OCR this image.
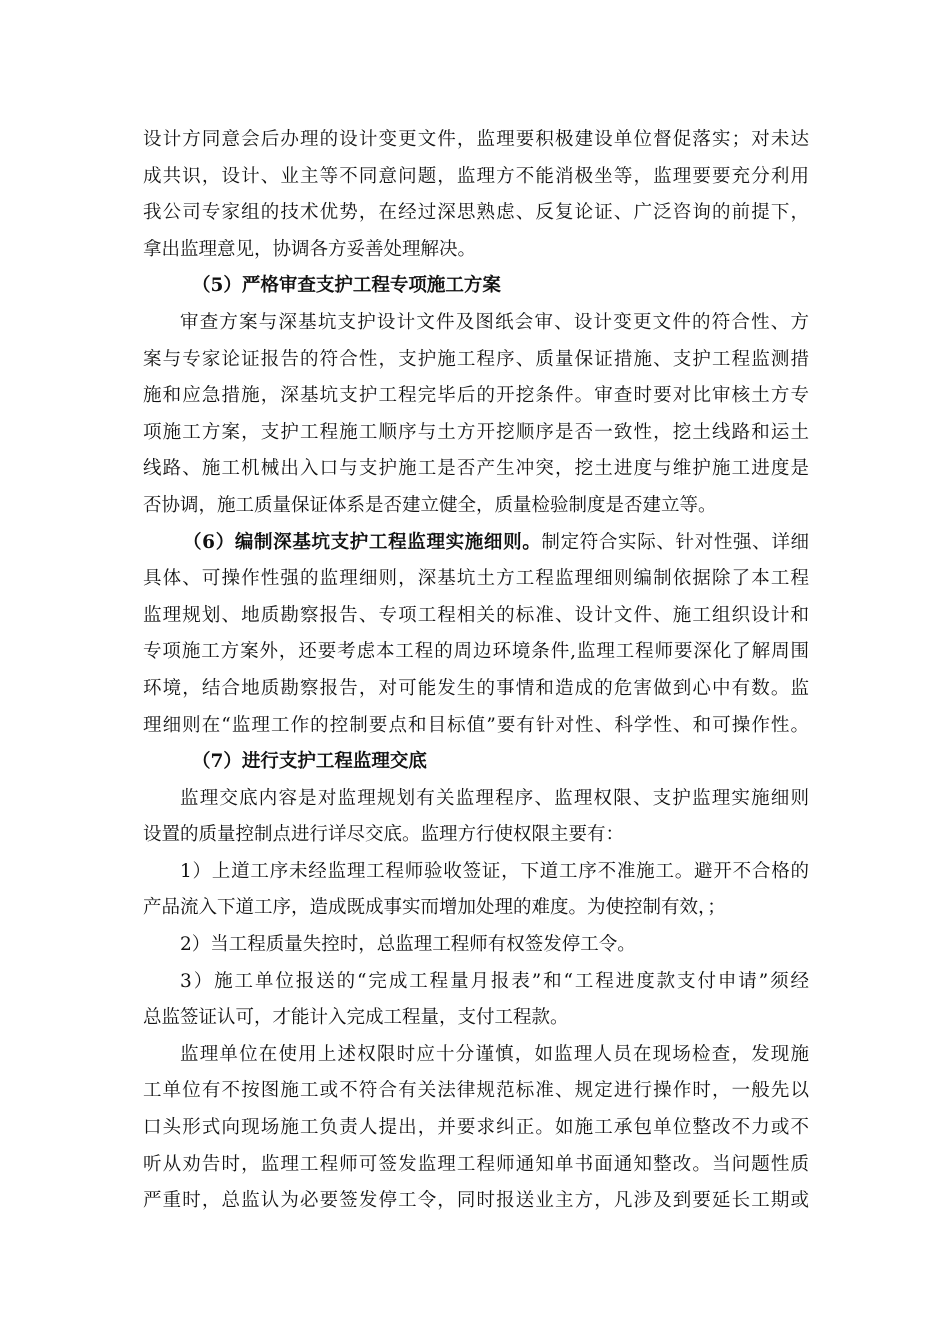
设计方同意会后办理的设计变更文件，监理要积极建设单位督促落实；对未达
成共识，设计、业主等不同意问题，监理方不能消极坐等，监理要要充分利用
我公司专家组的技术优势，在经过深思熟虑、反复论证、广泛咨询的前提下，
拿出监理意见，协调各方妥善处理解决。
（5）严格审查支护工程专项施工方案
审查方案与深基坑支护设计文件及图纸会审、设计变更文件的符合性、方
案与专家论证报告的符合性，支护施工程序、质量保证措施、支护工程监测措
施和应急措施，深基坑支护工程完毕后的开挖条件。审查时要对比审核土方专
项施工方案，支护工程施工顺序与土方开挖顺序是否一致性，挖土线路和运土
线路、施工机械出入口与支护施工是否产生冲突，挖土进度与维护施工进度是
否协调，施工质量保证体系是否建立健全，质量检验制度是否建立等。
（6）编制深基坑支护工程监理实施细则。制定符合实际、针对性强、详细
具体、可操作性强的监理细则，深基坑土方工程监理细则编制依据除了本工程
监理规划、地质勘察报告、专项工程相关的标准、设计文件、施工组织设计和
专项施工方案外，还要考虑本工程的周边环境条件,监理工程师要深化了解周围
环境，结合地质勘察报告，对可能发生的事情和造成的危害做到心中有数。监
理细则在“监理工作的控制要点和目标值”要有针对性、科学性、和可操作性。
（7）进行支护工程监理交底
监理交底内容是对监理规划有关监理程序、监理权限、支护监理实施细则
设置的质量控制点进行详尽交底。监理方行使权限主要有：
1）上道工序未经监理工程师验收签证，下道工序不准施工。避开不合格的
产品流入下道工序，造成既成事实而增加处理的难度。为使控制有效，；
2）当工程质量失控时，总监理工程师有权签发停工令。
3）施工单位报送的“完成工程量月报表”和“工程进度款支付申请”须经
总监签证认可，才能计入完成工程量，支付工程款。
监理单位在使用上述权限时应十分谨慎，如监理人员在现场检查，发现施
工单位有不按图施工或不符合有关法律规范标准、规定进行操作时，一般先以
口头形式向现场施工负责人提出，并要求纠正。如施工承包单位整改不力或不
听从劝告时，监理工程师可签发监理工程师通知单书面通知整改。当问题性质
严重时，总监认为必要签发停工令，同时报送业主方，凡涉及到要延长工期或
